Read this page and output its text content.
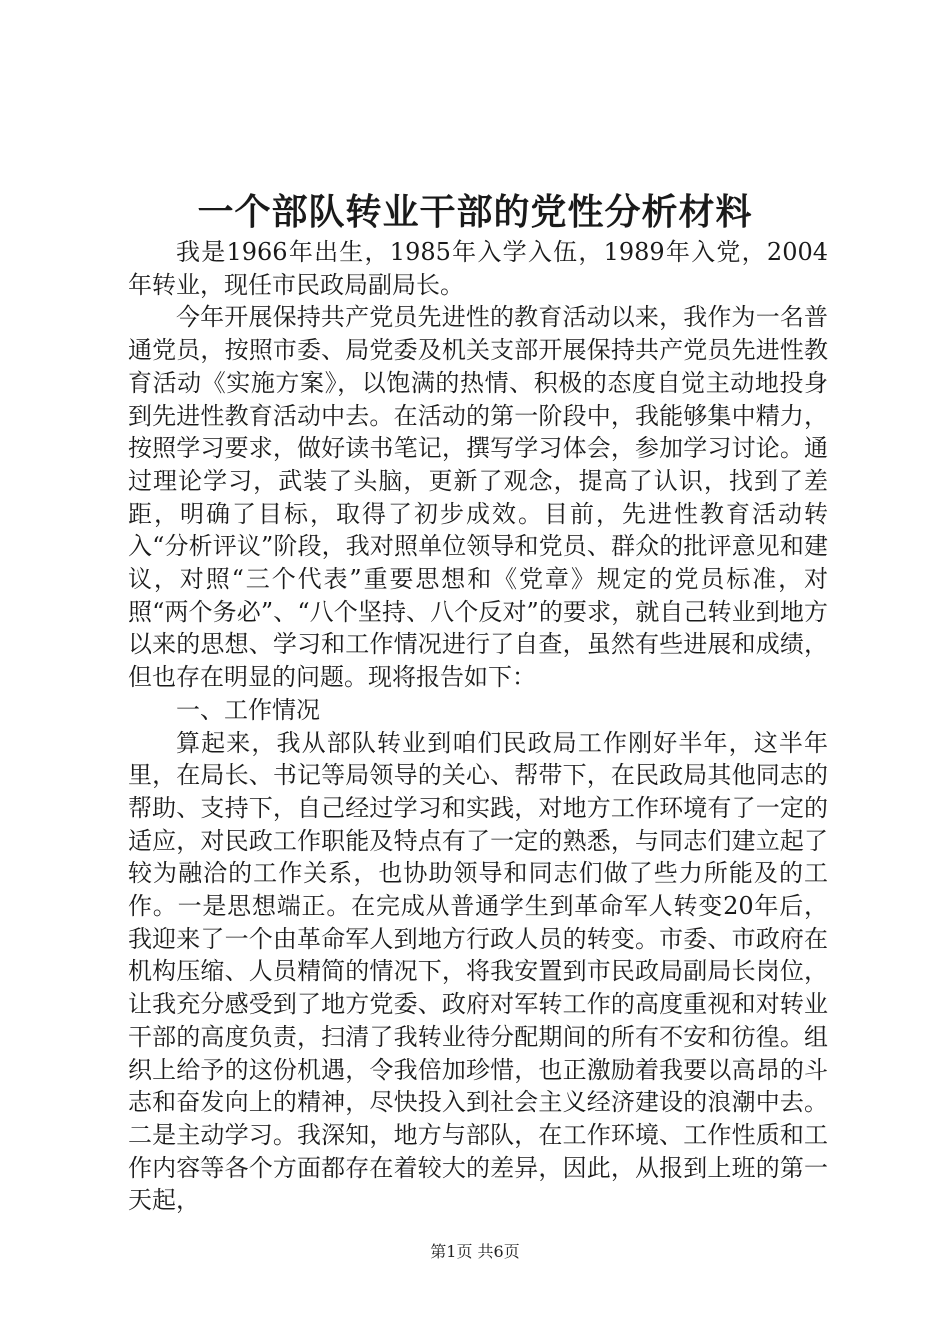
一个部队转业干部的党性分析材料

我是1966年出生，1985年入学入伍，1989年入党，2004年转业，现任市民政局副局长。

今年开展保持共产党员先进性的教育活动以来，我作为一名普通党员，按照市委、局党委及机关支部开展保持共产党员先进性教育活动《实施方案》，以饱满的热情、积极的态度自觉主动地投身到先进性教育活动中去。在活动的第一阶段中，我能够集中精力，按照学习要求，做好读书笔记，撰写学习体会，参加学习讨论。通过理论学习，武装了头脑，更新了观念，提高了认识，找到了差距，明确了目标，取得了初步成效。目前，先进性教育活动转入“分析评议”阶段，我对照单位领导和党员、群众的批评意见和建议，对照“三个代表”重要思想和《党章》规定的党员标准，对照“两个务必”、“八个坚持、八个反对”的要求，就自己转业到地方以来的思想、学习和工作情况进行了自查，虽然有些进展和成绩，但也存在明显的问题。现将报告如下：

一、工作情况

算起来，我从部队转业到咱们民政局工作刚好半年，这半年里，在局长、书记等局领导的关心、帮带下，在民政局其他同志的帮助、支持下，自己经过学习和实践，对地方工作环境有了一定的适应，对民政工作职能及特点有了一定的熟悉，与同志们建立起了较为融洽的工作关系，也协助领导和同志们做了些力所能及的工作。一是思想端正。在完成从普通学生到革命军人转变20年后，我迎来了一个由革命军人到地方行政人员的转变。市委、市政府在机构压缩、人员精简的情况下，将我安置到市民政局副局长岗位，让我充分感受到了地方党委、政府对军转工作的高度重视和对转业干部的高度负责，扫清了我转业待分配期间的所有不安和彷徨。组织上给予的这份机遇，令我倍加珍惜，也正激励着我要以高昂的斗志和奋发向上的精神，尽快投入到社会主义经济建设的浪潮中去。二是主动学习。我深知，地方与部队，在工作环境、工作性质和工作内容等各个方面都存在着较大的差异，因此，从报到上班的第一天起，

第1页 共6页
